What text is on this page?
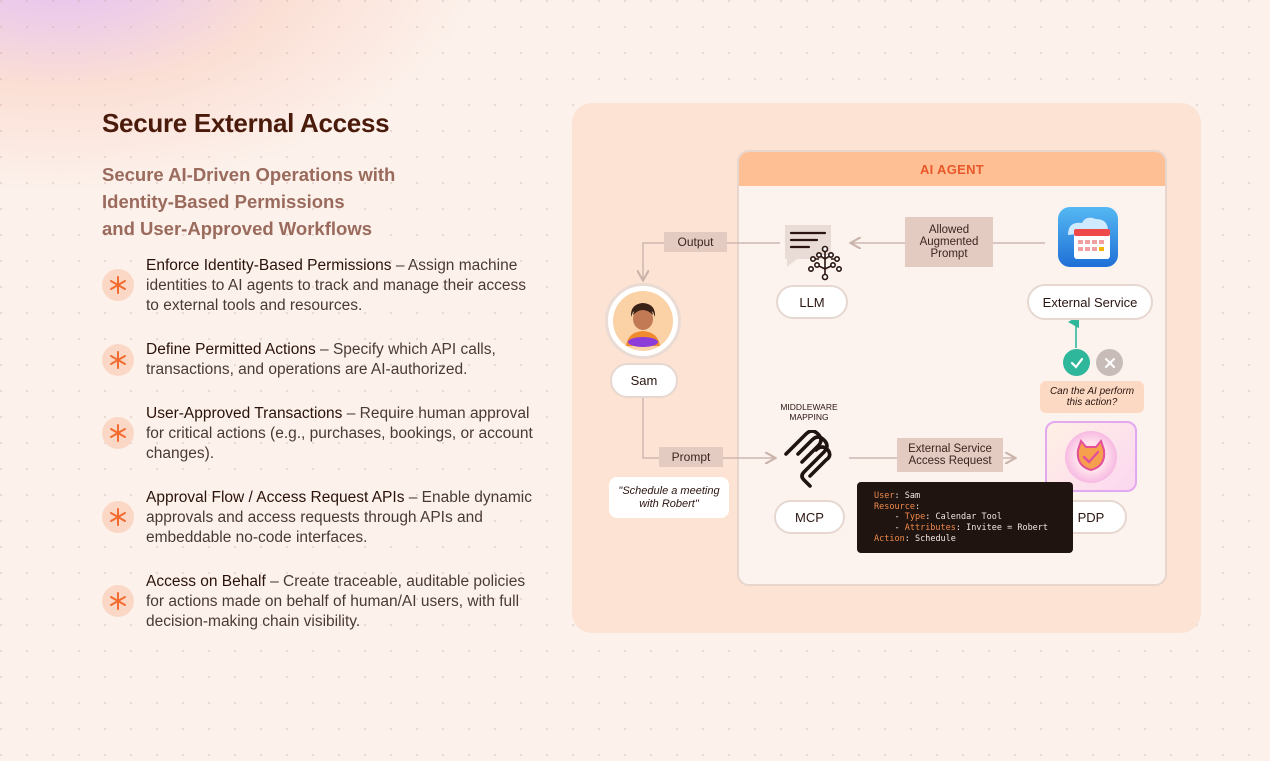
Secure External Access
Secure AI-Driven Operations with
Identity-Based Permissions
and User-Approved Workflows
Enforce Identity-Based Permissions – Assign machine identities to AI agents to track and manage their access to external tools and resources.
Define Permitted Actions – Specify which API calls, transactions, and operations are AI-authorized.
User-Approved Transactions – Require human approval for critical actions (e.g., purchases, bookings, or account changes).
Approval Flow / Access Request APIs – Enable dynamic approvals and access requests through APIs and embeddable no-code interfaces.
Access on Behalf – Create traceable, auditable policies for actions made on behalf of human/AI users, with full decision-making chain visibility.
AI AGENT
Output
Prompt
Allowed
Augmented
Prompt
External Service
Access Request
Sam
"Schedule a meeting
with Robert"
LLM	External Service
Can the AI perform
this action?
PDP
MIDDLEWARE
MAPPING
MCP
User: Sam
Resource:
- Type: Calendar Tool
- Attributes: Invitee = Robert
Action: Schedule
